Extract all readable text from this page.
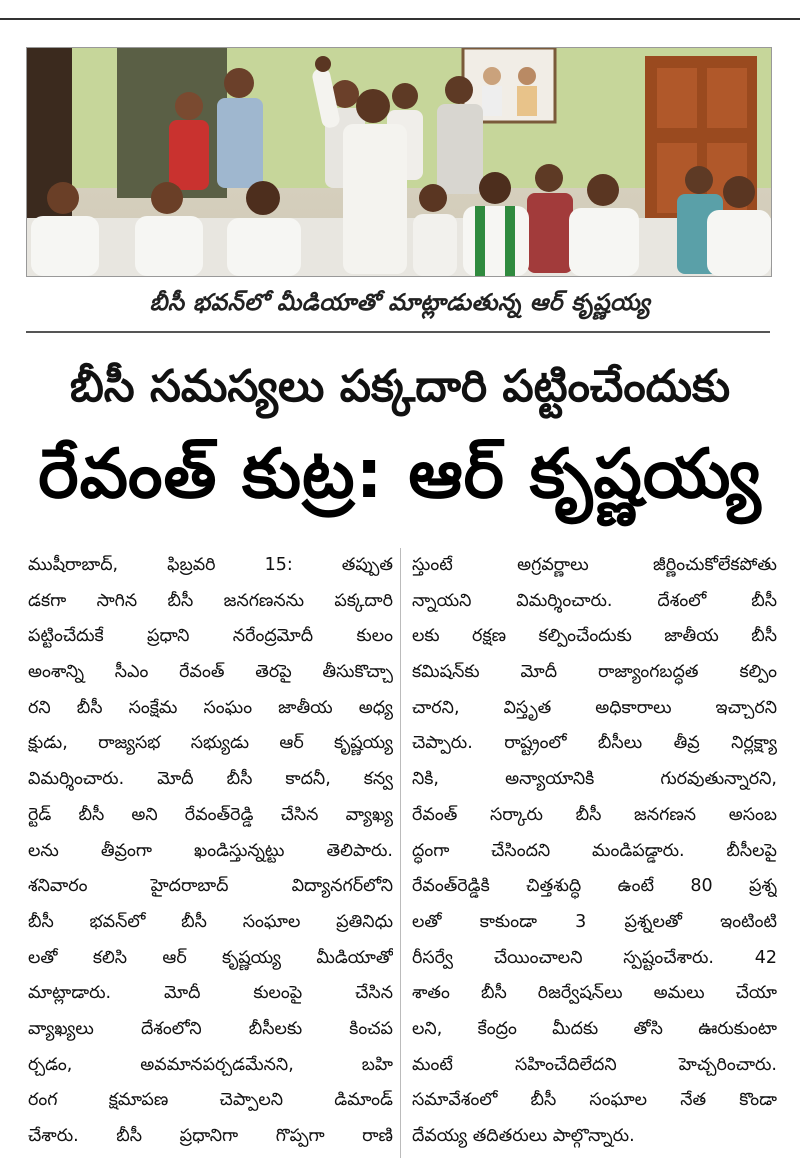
బీసీ భవన్‌లో మీడియాతో మాట్లాడుతున్న ఆర్ కృష్ణయ్య
బీసీ సమస్యలు పక్కదారి పట్టించేందుకు
రేవంత్ కుట్ర: ఆర్ కృష్ణయ్య
ముషీరాబాద్, ఫిబ్రవరి 15: తప్పుత
డకగా సాగిన బీసీ జనగణనను పక్కదారి
పట్టించేదుకే ప్రధాని నరేంద్రమోదీ కులం
అంశాన్ని సీఎం రేవంత్ తెరపై తీసుకొచ్చా
రని బీసీ సంక్షేమ సంఘం జాతీయ అధ్య
క్షుడు, రాజ్యసభ సభ్యుడు ఆర్ కృష్ణయ్య
విమర్శించారు. మోదీ బీసీ కాదనీ, కన్వ
ర్టెడ్ బీసీ అని రేవంత్‌రెడ్డి చేసిన వ్యాఖ్య
లను తీవ్రంగా ఖండిస్తున్నట్టు తెలిపారు.
శనివారం హైదరాబాద్ విద్యానగర్‌లోని
బీసీ భవన్‌లో బీసీ సంఘాల ప్రతినిధు
లతో కలిసి ఆర్ కృష్ణయ్య మీడియాతో
మాట్లాడారు. మోదీ కులంపై చేసిన
వ్యాఖ్యలు దేశంలోని బీసీలకు కించప
ర్చడం, అవమానపర్చడమేనని, బహి
రంగ క్షమాపణ చెప్పాలని డిమాండ్
చేశారు. బీసీ ప్రధానిగా గొప్పగా రాణి
స్తుంటే అగ్రవర్ణాలు జీర్ణించుకోలేకపోతు
న్నాయని విమర్శించారు. దేశంలో బీసీ
లకు రక్షణ కల్పించేందుకు జాతీయ బీసీ
కమిషన్‌కు మోదీ రాజ్యాంగబద్ధత కల్పిం
చారని, విస్తృత అధికారాలు ఇచ్చారని
చెప్పారు. రాష్ట్రంలో బీసీలు తీవ్ర నిర్లక్ష్యా
నికి, అన్యాయానికి గురవుతున్నారని,
రేవంత్ సర్కారు బీసీ జనగణన అసంబ
ద్ధంగా చేసిందని మండిపడ్డారు. బీసీలపై
రేవంత్‌రెడ్డికి చిత్తశుద్ధి ఉంటే 80 ప్రశ్న
లతో కాకుండా 3 ప్రశ్నలతో ఇంటింటి
రీసర్వే చేయించాలని స్పష్టంచేశారు. 42
శాతం బీసీ రిజర్వేషన్‌లు అమలు చేయా
లని, కేంద్రం మీదకు తోసి ఊరుకుంటా
మంటే సహించేదిలేదని హెచ్చరించారు.
సమావేశంలో బీసీ సంఘాల నేత కొండా
దేవయ్య తదితరులు పాల్గొన్నారు.
